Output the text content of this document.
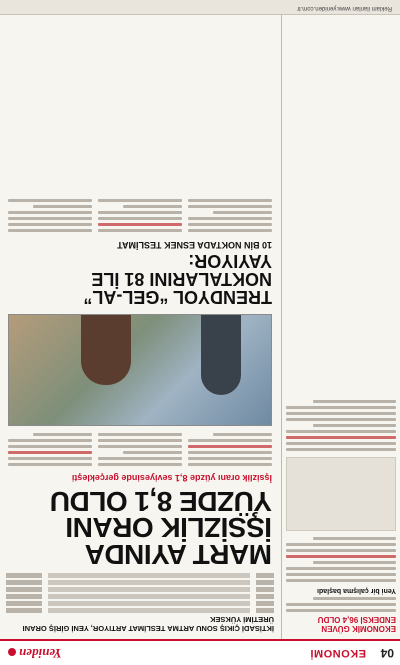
04
EKONOMİ
Yeniden
EKONOMİK GÜVEN ENDEKSİ 96,4 OLDU
Yeni bir çalışma başladı
İKTİSADİ ÇIKIŞ SONU ARTMA TESLİMAT ARTIYOR, YENİ GİRİŞ ORANI ÜRETİMİ YÜKSEK
MART AYINDA İŞSİZLİK ORANI YÜZDE 8,1 OLDU
İşsizlik oranı yüzde 8,1 seviyesinde gerçekleşti
TRENDYOL “GEL-AL” NOKTALARINI 81 İLE YAYIYOR:
10 BİN NOKTADA ESNEK TESLİMAT
Reklam ilanları www.yeniden.com.tr
